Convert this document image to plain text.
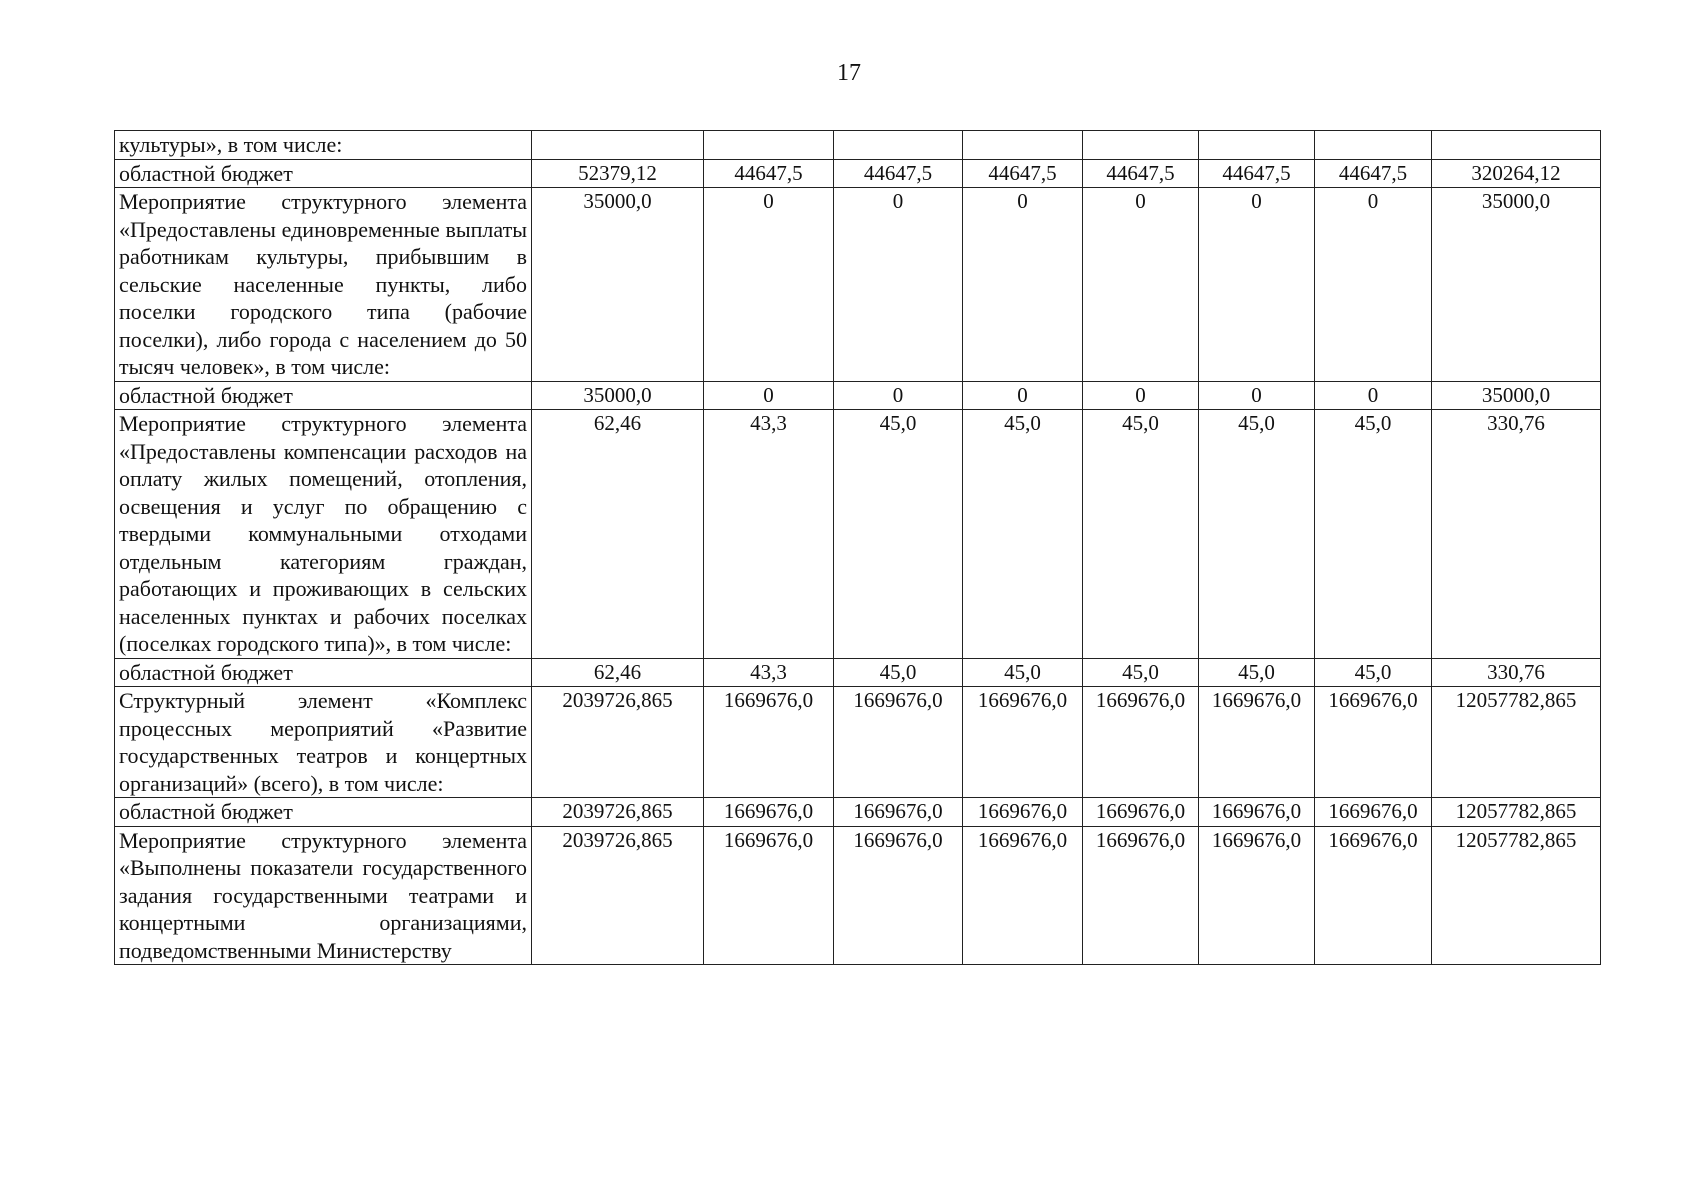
17
культуры», в том числе:								
областной бюджет	52379,12	44647,5	44647,5	44647,5	44647,5	44647,5	44647,5	320264,12
Мероприятие структурного элемента «Предоставлены единовременные выплаты работникам культуры, прибывшим в сельские населенные пункты, либо поселки городского типа (рабочие поселки), либо города с населением до 50 тысяч человек», в том числе:	35000,0	0	0	0	0	0	0	35000,0
областной бюджет	35000,0	0	0	0	0	0	0	35000,0
Мероприятие структурного элемента «Предоставлены компенсации расходов на оплату жилых помещений, отопления, освещения и услуг по обращению с твердыми коммунальными отходами отдельным категориям граждан, работающих и проживающих в сельских населенных пунктах и рабочих поселках (поселках городского типа)», в том числе:	62,46	43,3	45,0	45,0	45,0	45,0	45,0	330,76
областной бюджет	62,46	43,3	45,0	45,0	45,0	45,0	45,0	330,76
Структурный элемент «Комплекс процессных мероприятий «Развитие государственных театров и концертных организаций» (всего), в том числе:	2039726,865	1669676,0	1669676,0	1669676,0	1669676,0	1669676,0	1669676,0	12057782,865
областной бюджет	2039726,865	1669676,0	1669676,0	1669676,0	1669676,0	1669676,0	1669676,0	12057782,865
Мероприятие структурного элемента «Выполнены показатели государственного задания государственными театрами и концертными организациями, подведомственными Министерству	2039726,865	1669676,0	1669676,0	1669676,0	1669676,0	1669676,0	1669676,0	12057782,865
